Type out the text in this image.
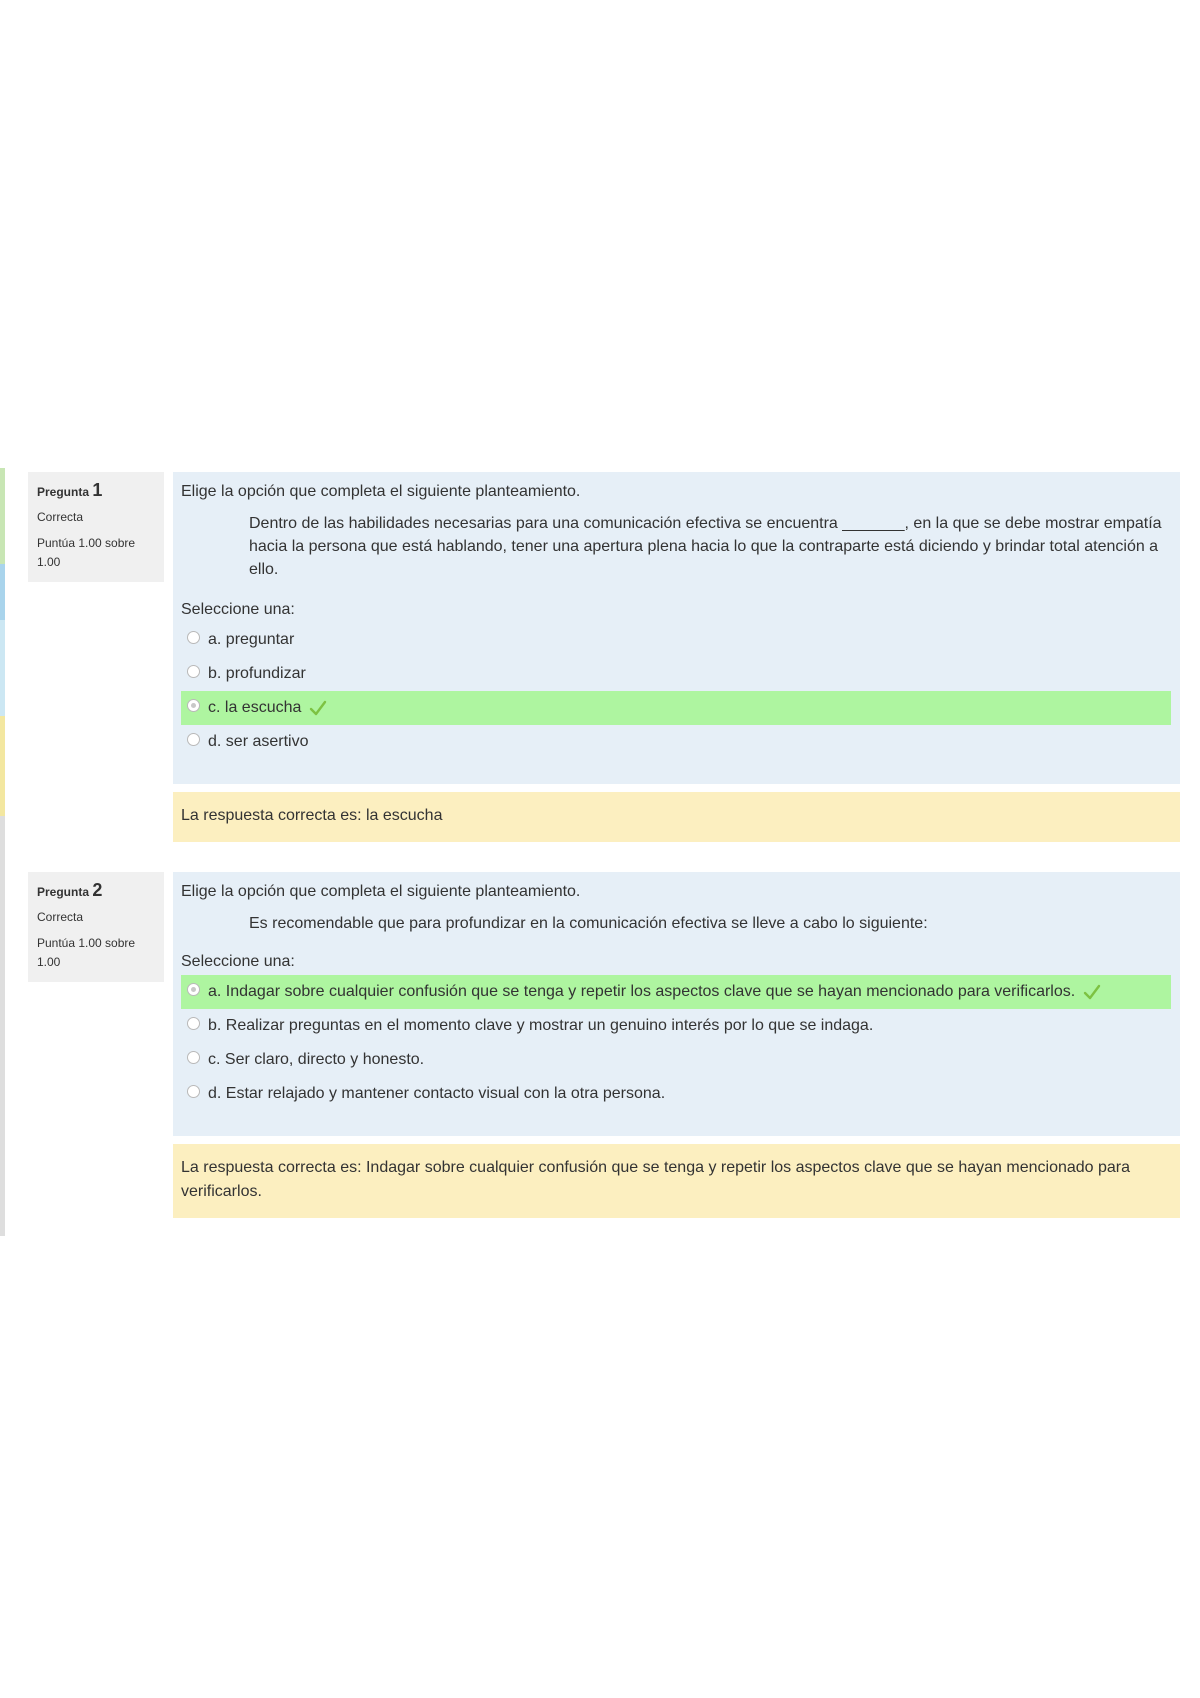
Pregunta 1
Correcta
Puntúa 1.00 sobre 1.00
Elige la opción que completa el siguiente planteamiento.
Dentro de las habilidades necesarias para una comunicación efectiva se encuentra _______, en la que se debe mostrar empatía hacia la persona que está hablando, tener una apertura plena hacia lo que la contraparte está diciendo y brindar total atención a ello.
Seleccione una:
a. preguntar
b. profundizar
c. la escucha
d. ser asertivo
La respuesta correcta es: la escucha
Pregunta 2
Correcta
Puntúa 1.00 sobre 1.00
Elige la opción que completa el siguiente planteamiento.
Es recomendable que para profundizar en la comunicación efectiva se lleve a cabo lo siguiente:
Seleccione una:
a. Indagar sobre cualquier confusión que se tenga y repetir los aspectos clave que se hayan mencionado para verificarlos.
b. Realizar preguntas en el momento clave y mostrar un genuino interés por lo que se indaga.
c. Ser claro, directo y honesto.
d. Estar relajado y mantener contacto visual con la otra persona.
La respuesta correcta es: Indagar sobre cualquier confusión que se tenga y repetir los aspectos clave que se hayan mencionado para verificarlos.
